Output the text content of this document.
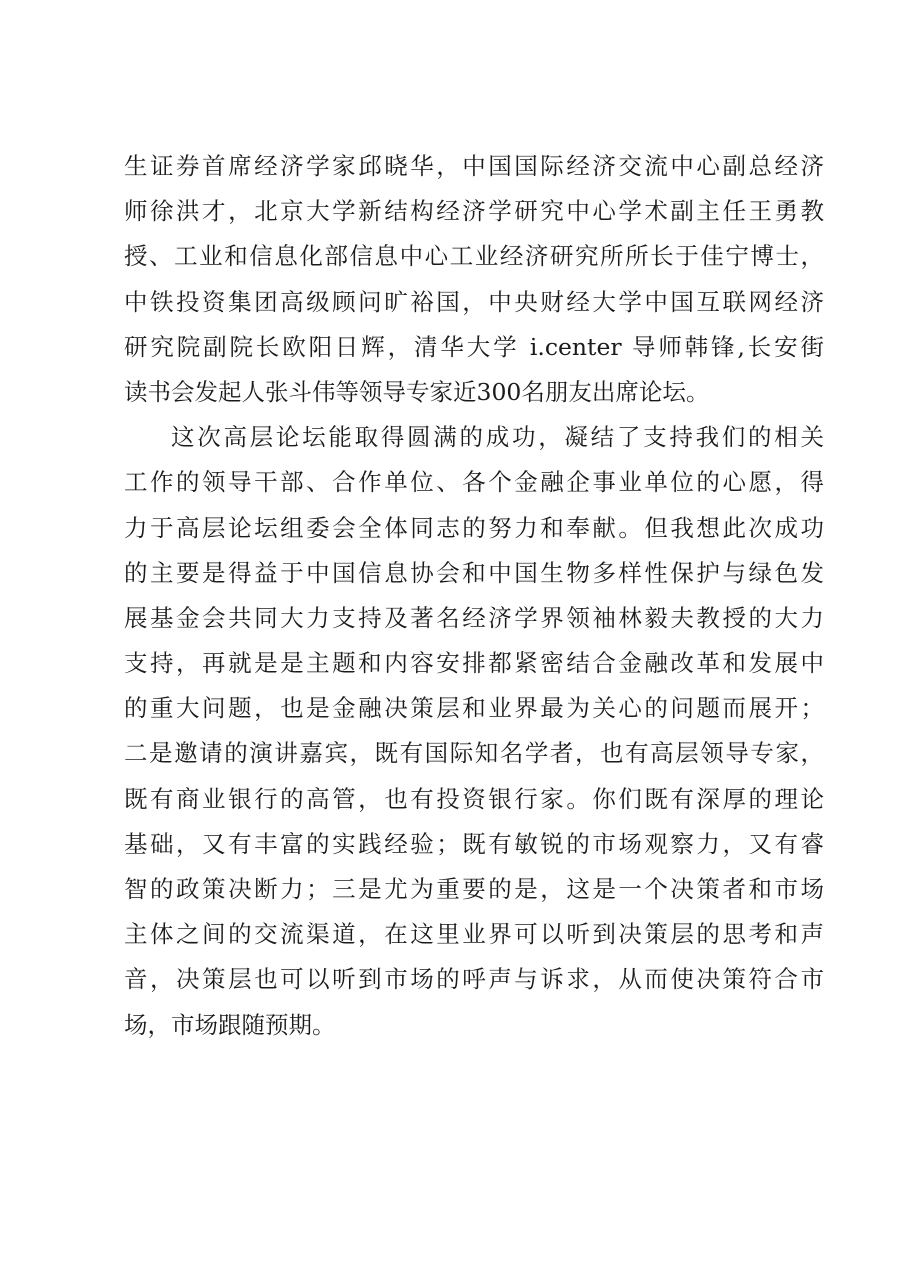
生证券首席经济学家邱晓华，中国国际经济交流中心副总经济
师徐洪才，北京大学新结构经济学研究中心学术副主任王勇教
授、工业和信息化部信息中心工业经济研究所所长于佳宁博士，
中铁投资集团高级顾问旷裕国，中央财经大学中国互联网经济
研究院副院长欧阳日辉，清华大学 i.center 导师韩锋,长安街
读书会发起人张斗伟等领导专家近300名朋友出席论坛。
这次高层论坛能取得圆满的成功，凝结了支持我们的相关
工作的领导干部、合作单位、各个金融企事业单位的心愿，得
力于高层论坛组委会全体同志的努力和奉献。但我想此次成功
的主要是得益于中国信息协会和中国生物多样性保护与绿色发
展基金会共同大力支持及著名经济学界领袖林毅夫教授的大力
支持，再就是是主题和内容安排都紧密结合金融改革和发展中
的重大问题，也是金融决策层和业界最为关心的问题而展开；
二是邀请的演讲嘉宾，既有国际知名学者，也有高层领导专家，
既有商业银行的高管，也有投资银行家。你们既有深厚的理论
基础，又有丰富的实践经验；既有敏锐的市场观察力，又有睿
智的政策决断力；三是尤为重要的是，这是一个决策者和市场
主体之间的交流渠道，在这里业界可以听到决策层的思考和声
音，决策层也可以听到市场的呼声与诉求，从而使决策符合市
场，市场跟随预期。
